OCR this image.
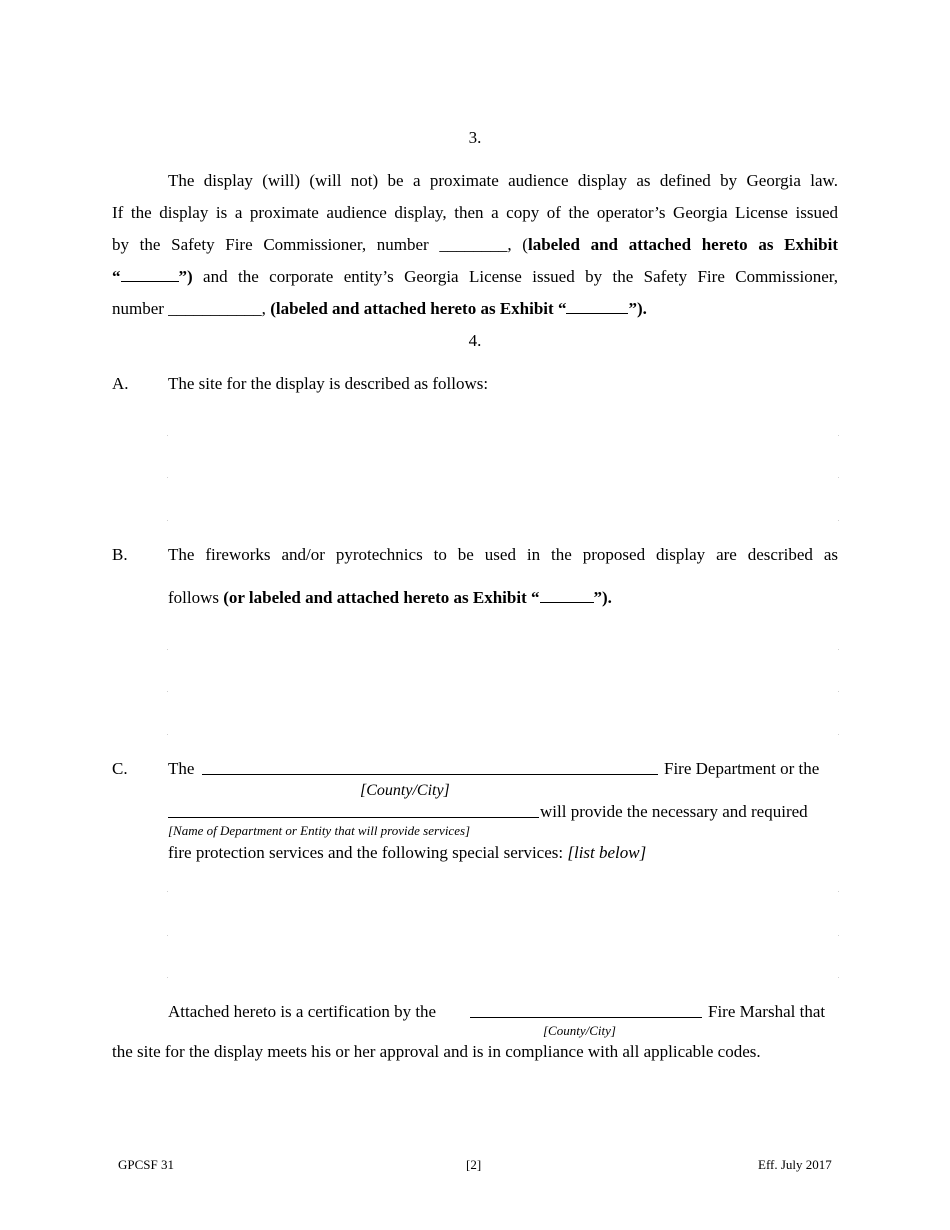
3.
The display (will) (will not) be a proximate audience display as defined by Georgia law.
If the display is a proximate audience display, then a copy of the operator’s Georgia License issued
by the Safety Fire Commissioner, number ________, (labeled and attached hereto as Exhibit
“	”) and the corporate entity’s Georgia License issued by the Safety Fire Commissioner,
number ___________, (labeled and attached hereto as Exhibit “	”).
4.
A. The site for the display is described as follows:
B. The fireworks and/or pyrotechnics to be used in the proposed display are described as
follows (or labeled and attached hereto as Exhibit “	”).
C. The	Fire Department or the
[County/City]
will provide the necessary and required
[Name of Department or Entity that will provide services]
fire protection services and the following special services: [list below]
Attached hereto is a certification by the	Fire Marshal that
[County/City]
the site for the display meets his or her approval and is in compliance with all applicable codes.
GPCSF 31	[2]	Eff. July 2017
